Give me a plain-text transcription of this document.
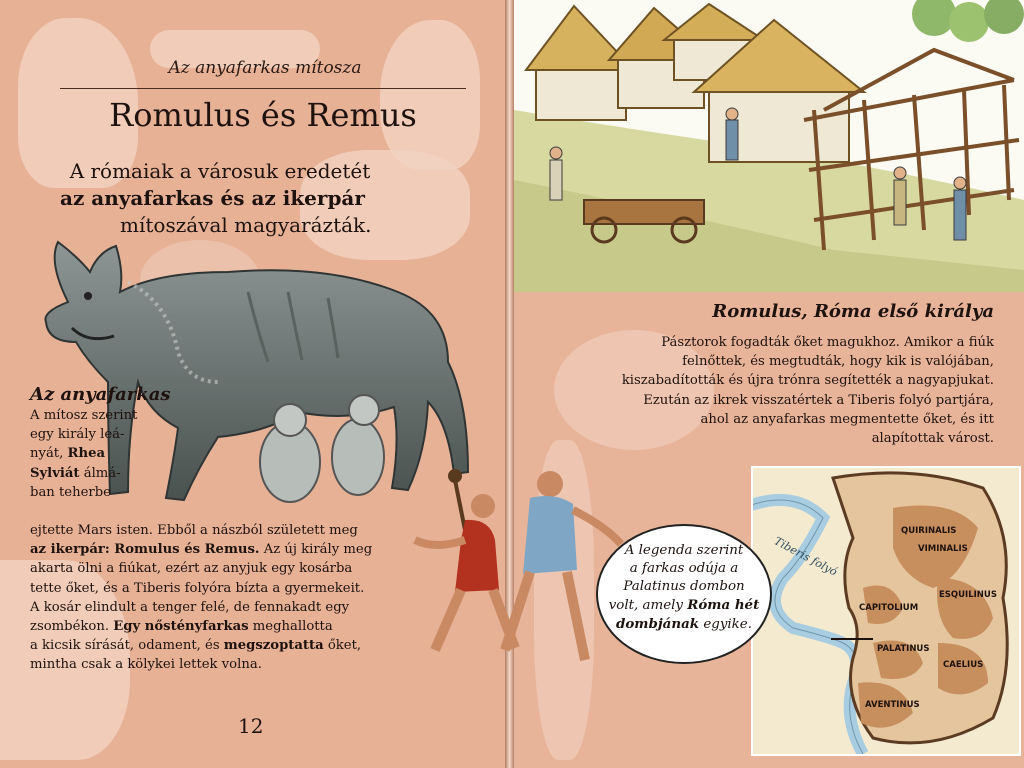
Az anyafarkas mítosza
Romulus és Remus
A rómaiak a városuk eredetét
az anyafarkas és az ikerpár
mítoszával magyarázták.
Az anyafarkas
A mítosz szerint
egy király leá-
nyát, Rhea
Sylviát álmá-
ban teherbe
ejtette Mars isten. Ebből a nászból született meg
az ikerpár: Romulus és Remus. Az új király meg
akarta ölni a fiúkat, ezért az anyjuk egy kosárba
tette őket, és a Tiberis folyóra bízta a gyermekeit.
A kosár elindult a tenger felé, de fennakadt egy
zsombékon. Egy nőstényfarkas meghallotta
a kicsik sírását, odament, és megszoptatta őket,
mintha csak a kölykei lettek volna.
12
Romulus, Róma első királya
Pásztorok fogadták őket magukhoz. Amikor a fiúk
felnőttek, és megtudták, hogy kik is valójában,
kiszabadították és újra trónra segítették a nagyapjukat.
Ezután az ikrek visszatértek a Tiberis folyó partjára,
ahol az anyafarkas megmentette őket, és itt
alapítottak várost.
Tiberis folyó
QUIRINALIS
VIMINALIS
ESQUILINUS
CAPITOLIUM
PALATINUS
CAELIUS
AVENTINUS
A legenda szerint
a farkas odúja a
Palatinus dombon
volt, amely Róma hét
dombjának egyike.
